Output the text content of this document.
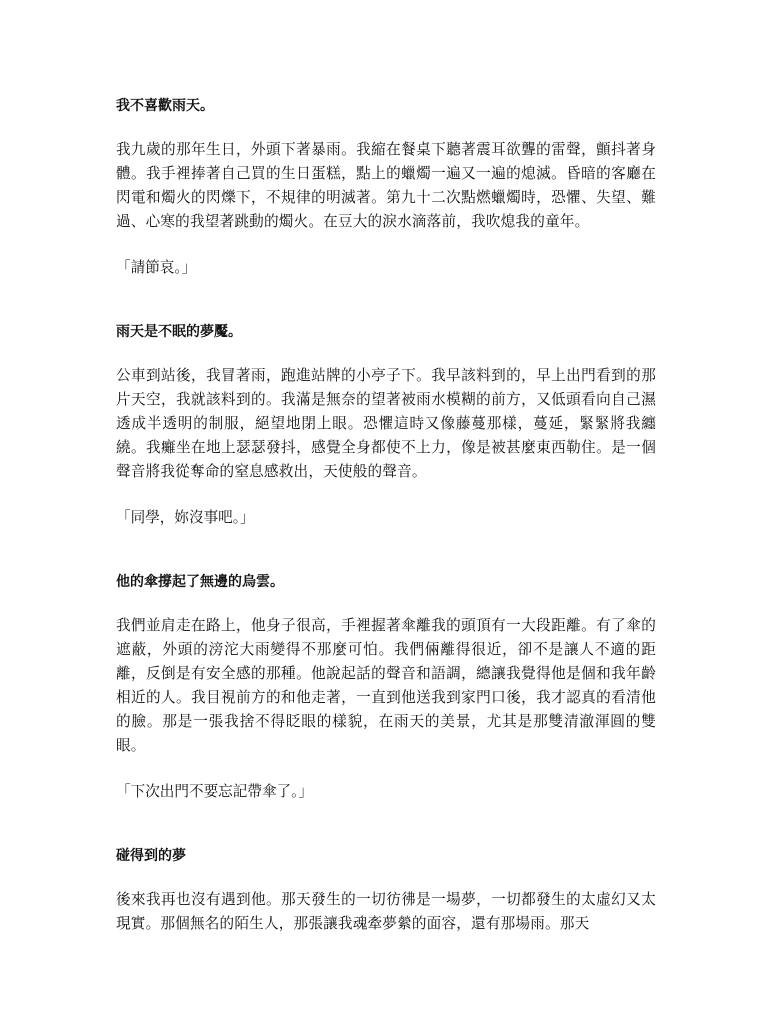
我不喜歡雨天。

我九歲的那年生日，外頭下著暴雨。我縮在餐桌下聽著震耳欲聾的雷聲，顫抖著身體。我手裡捧著自己買的生日蛋糕，點上的蠟燭一遍又一遍的熄滅。昏暗的客廳在閃電和燭火的閃爍下，不規律的明滅著。第九十二次點燃蠟燭時，恐懼、失望、難過、心寒的我望著跳動的燭火。在豆大的淚水滴落前，我吹熄我的童年。

「請節哀。」

雨天是不眠的夢魘。

公車到站後，我冒著雨，跑進站牌的小亭子下。我早該料到的，早上出門看到的那片天空，我就該料到的。我滿是無奈的望著被雨水模糊的前方，又低頭看向自己濕透成半透明的制服，絕望地閉上眼。恐懼這時又像藤蔓那樣，蔓延，緊緊將我纏繞。我癱坐在地上瑟瑟發抖，感覺全身都使不上力，像是被甚麼東西勒住。是一個聲音將我從奪命的窒息感救出，天使般的聲音。

「同學，妳沒事吧。」

他的傘撐起了無邊的烏雲。

我們並肩走在路上，他身子很高，手裡握著傘離我的頭頂有一大段距離。有了傘的遮蔽，外頭的滂沱大雨變得不那麼可怕。我們倆離得很近，卻不是讓人不適的距離，反倒是有安全感的那種。他說起話的聲音和語調，總讓我覺得他是個和我年齡相近的人。我目視前方的和他走著，一直到他送我到家門口後，我才認真的看清他的臉。那是一張我捨不得眨眼的樣貌，在雨天的美景，尤其是那雙清澈渾圓的雙眼。

「下次出門不要忘記帶傘了。」

碰得到的夢

後來我再也沒有遇到他。那天發生的一切彷彿是一場夢，一切都發生的太虛幻又太現實。那個無名的陌生人，那張讓我魂牽夢縈的面容，還有那場雨。那天
